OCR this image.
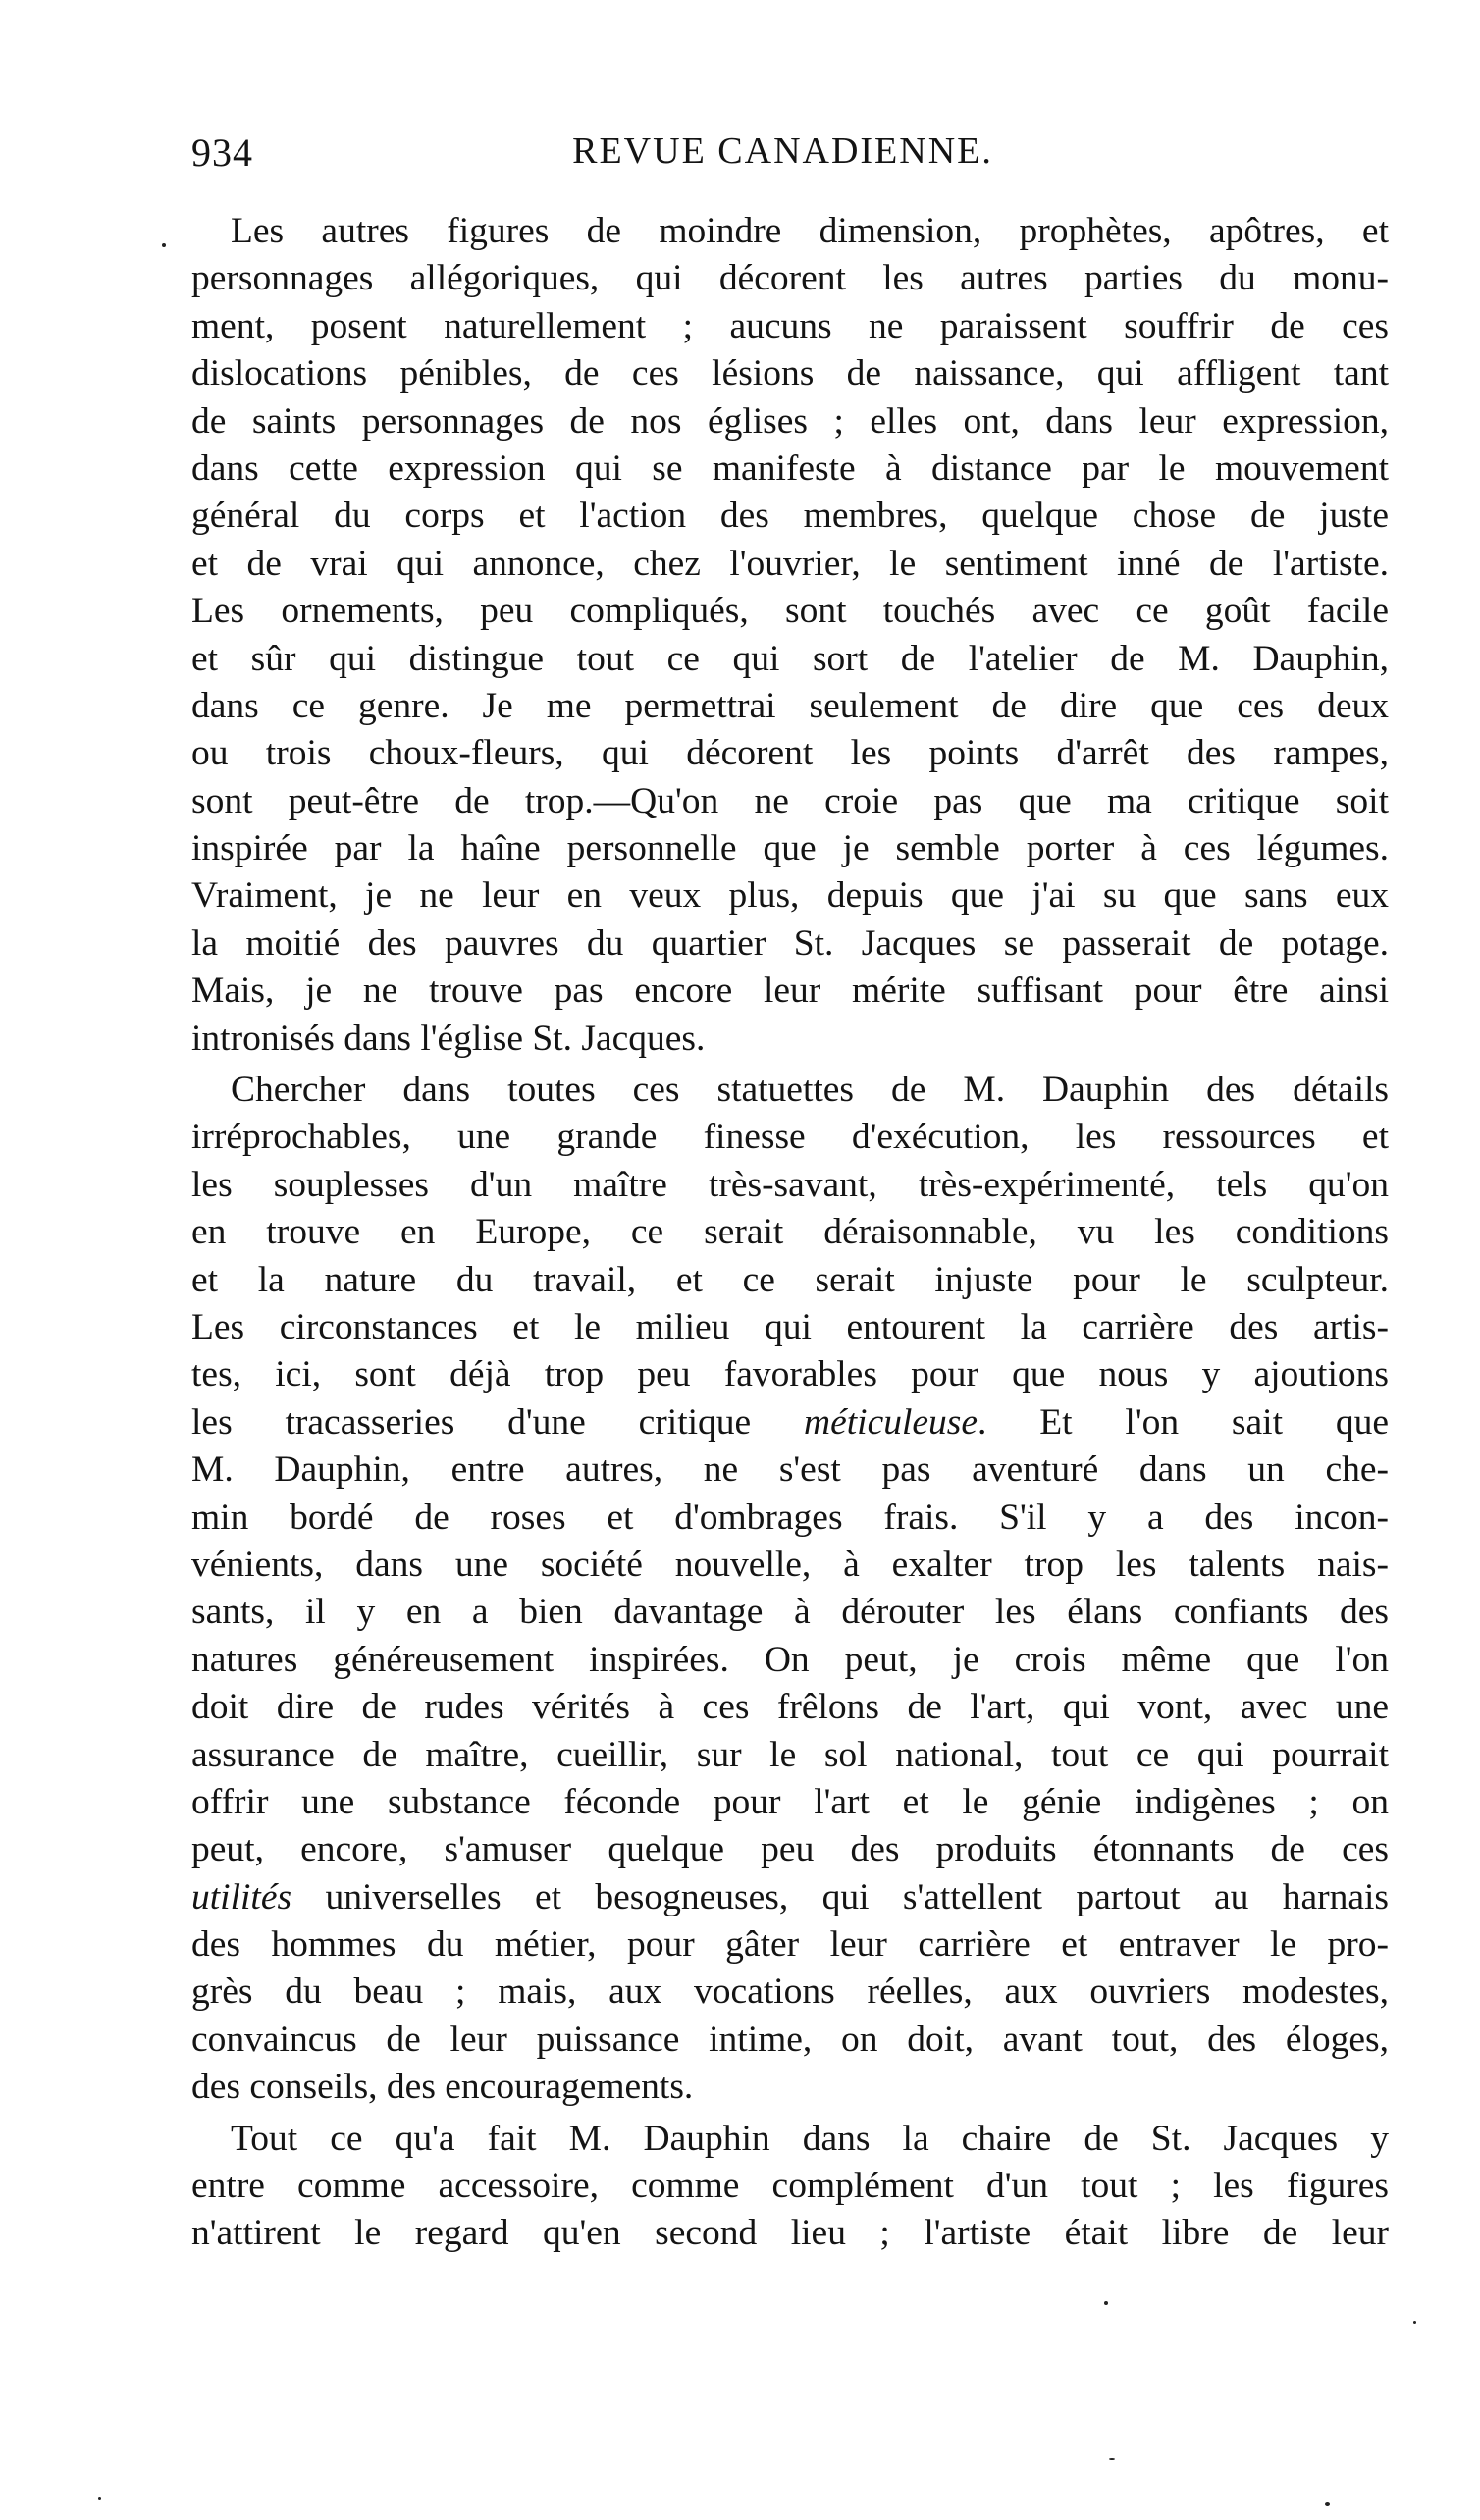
934	REVUE CANADIENNE.
Les autres figures de moindre dimension, prophètes, apôtres, et
personnages allégoriques, qui décorent les autres parties du monu-
ment, posent naturellement ; aucuns ne paraissent souffrir de ces
dislocations pénibles, de ces lésions de naissance, qui affligent tant
de saints personnages de nos églises ; elles ont, dans leur expression,
dans cette expression qui se manifeste à distance par le mouvement
général du corps et l'action des membres, quelque chose de juste
et de vrai qui annonce, chez l'ouvrier, le sentiment inné de l'artiste.
Les ornements, peu compliqués, sont touchés avec ce goût facile
et sûr qui distingue tout ce qui sort de l'atelier de M. Dauphin,
dans ce genre. Je me permettrai seulement de dire que ces deux
ou trois choux-fleurs, qui décorent les points d'arrêt des rampes,
sont peut-être de trop.—Qu'on ne croie pas que ma critique soit
inspirée par la haîne personnelle que je semble porter à ces légumes.
Vraiment, je ne leur en veux plus, depuis que j'ai su que sans eux
la moitié des pauvres du quartier St. Jacques se passerait de potage.
Mais, je ne trouve pas encore leur mérite suffisant pour être ainsi
intronisés dans l'église St. Jacques.
Chercher dans toutes ces statuettes de M. Dauphin des détails
irréprochables, une grande finesse d'exécution, les ressources et
les souplesses d'un maître très-savant, très-expérimenté, tels qu'on
en trouve en Europe, ce serait déraisonnable, vu les conditions
et la nature du travail, et ce serait injuste pour le sculpteur.
Les circonstances et le milieu qui entourent la carrière des artis-
tes, ici, sont déjà trop peu favorables pour que nous y ajoutions
les tracasseries d'une critique méticuleuse. Et l'on sait que
M. Dauphin, entre autres, ne s'est pas aventuré dans un che-
min bordé de roses et d'ombrages frais. S'il y a des incon-
vénients, dans une société nouvelle, à exalter trop les talents nais-
sants, il y en a bien davantage à dérouter les élans confiants des
natures généreusement inspirées. On peut, je crois même que l'on
doit dire de rudes vérités à ces frêlons de l'art, qui vont, avec une
assurance de maître, cueillir, sur le sol national, tout ce qui pourrait
offrir une substance féconde pour l'art et le génie indigènes ; on
peut, encore, s'amuser quelque peu des produits étonnants de ces
utilités universelles et besogneuses, qui s'attellent partout au harnais
des hommes du métier, pour gâter leur carrière et entraver le pro-
grès du beau ; mais, aux vocations réelles, aux ouvriers modestes,
convaincus de leur puissance intime, on doit, avant tout, des éloges,
des conseils, des encouragements.
Tout ce qu'a fait M. Dauphin dans la chaire de St. Jacques y
entre comme accessoire, comme complément d'un tout ; les figures
n'attirent le regard qu'en second lieu ; l'artiste était libre de leur
